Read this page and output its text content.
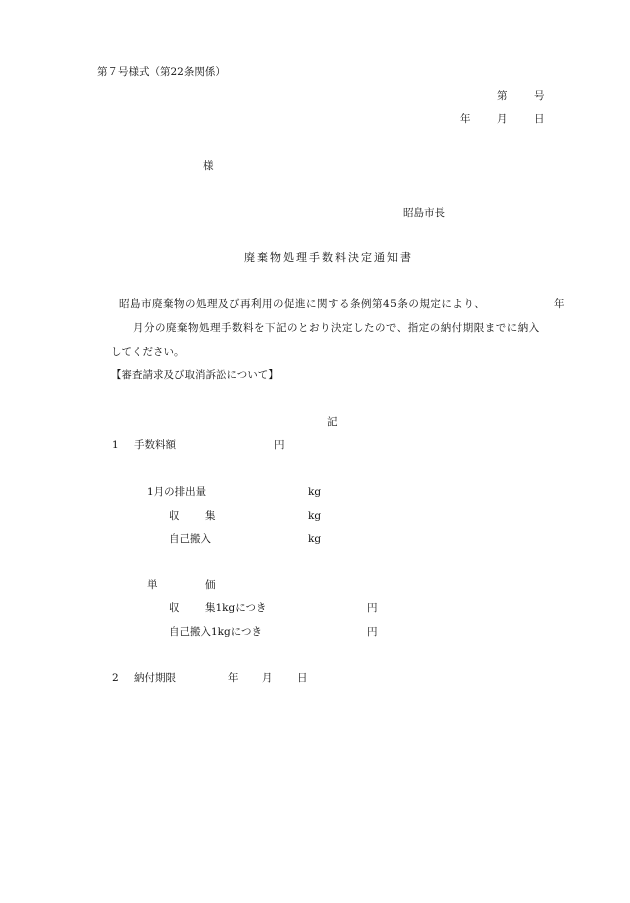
第７号様式（第22条関係）
第	号
年	月	日
様
昭島市長
廃棄物処理手数料決定通知書
昭島市廃棄物の処理及び再利用の促進に関する条例第45条の規定により、	年
月分の廃棄物処理手数料を下記のとおり決定したので、指定の納付期限までに納入
してください。
【審査請求及び取消訴訟について】
記
1 手数料額	円
1月の排出量	kg
収 集	kg
自己搬入	kg
単	価
収 集1kgにつき	円
自己搬入1kgにつき	円
2 納付期限	年 月 日
